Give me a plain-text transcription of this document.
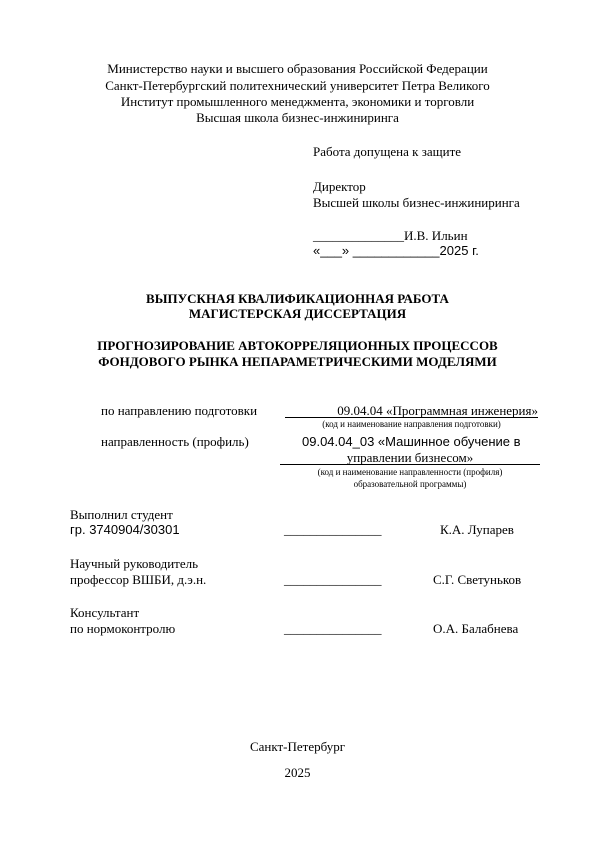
Министерство науки и высшего образования Российской Федерации
Санкт-Петербургский политехнический университет Петра Великого
Институт промышленного менеджмента, экономики и торговли
Высшая школа бизнес-инжиниринга
Работа допущена к защите
Директор
Высшей школы бизнес-инжиниринга
______________И.В. Ильин
«___» ____________2025 г.
ВЫПУСКНАЯ КВАЛИФИКАЦИОННАЯ РАБОТА
МАГИСТЕРСКАЯ ДИССЕРТАЦИЯ
ПРОГНОЗИРОВАНИЕ АВТОКОРРЕЛЯЦИОННЫХ ПРОЦЕССОВ
ФОНДОВОГО РЫНКА НЕПАРАМЕТРИЧЕСКИМИ МОДЕЛЯМИ
по направлению подготовки	09.04.04 «Программная инженерия»
(код и наименование направления подготовки)
направленность (профиль)	09.04.04_03 «Машинное обучение в
управлении бизнесом»
(код и наименование направленности (профиля)
образовательной программы)
Выполнил студент
гр. 3740904/30301	_______________	К.А. Лупарев
Научный руководитель
профессор ВШБИ, д.э.н.	_______________	С.Г. Светуньков
Консультант
по нормоконтролю	_______________	О.А. Балабнева
Санкт-Петербург
2025
